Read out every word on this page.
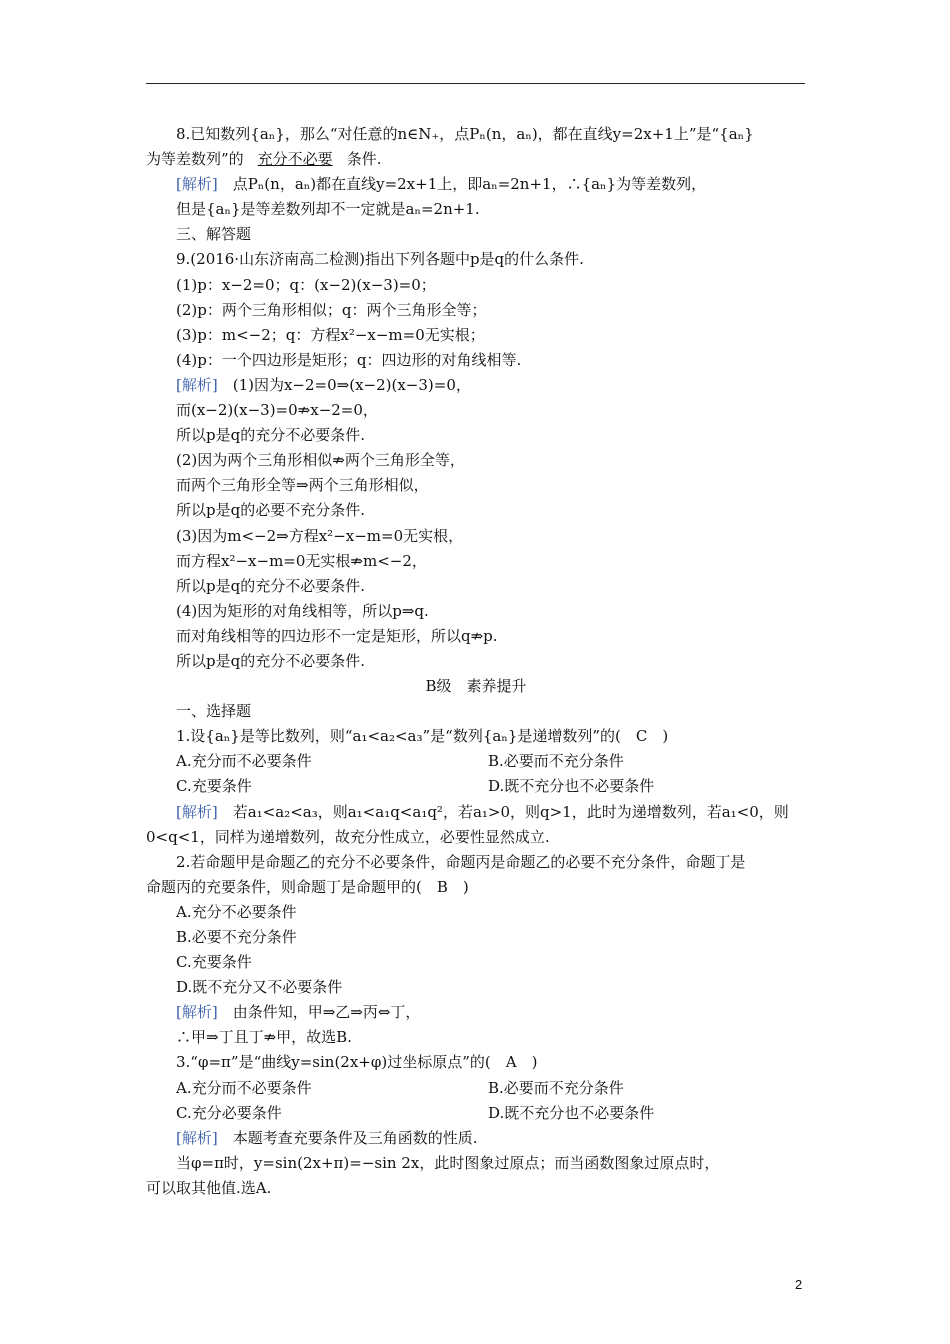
8.已知数列{aₙ}，那么“对任意的n∈N₊，点Pₙ(n，aₙ)，都在直线y=2x+1上”是“{aₙ}
为等差数列”的 充分不必要 条件.
[解析]　点Pₙ(n，aₙ)都在直线y=2x+1上，即aₙ=2n+1，∴{aₙ}为等差数列，
但是{aₙ}是等差数列却不一定就是aₙ=2n+1.
三、解答题
9.(2016·山东济南高二检测)指出下列各题中p是q的什么条件.
(1)p：x−2=0；q：(x−2)(x−3)=0；
(2)p：两个三角形相似；q：两个三角形全等；
(3)p：m<−2；q：方程x²−x−m=0无实根；
(4)p：一个四边形是矩形；q：四边形的对角线相等.
[解析]　(1)因为x−2=0⇒(x−2)(x−3)=0，
而(x−2)(x−3)=0⇏x−2=0，
所以p是q的充分不必要条件.
(2)因为两个三角形相似⇏两个三角形全等，
而两个三角形全等⇒两个三角形相似，
所以p是q的必要不充分条件.
(3)因为m<−2⇒方程x²−x−m=0无实根，
而方程x²−x−m=0无实根⇏m<−2，
所以p是q的充分不必要条件.
(4)因为矩形的对角线相等，所以p⇒q.
而对角线相等的四边形不一定是矩形，所以q⇏p.
所以p是q的充分不必要条件.
B级　素养提升
一、选择题
1.设{aₙ}是等比数列，则“a₁<a₂<a₃”是“数列{aₙ}是递增数列”的(　C　)
A.充分而不必要条件	B.必要而不充分条件
C.充要条件	D.既不充分也不必要条件
[解析]　若a₁<a₂<a₃，则a₁<a₁q<a₁q²，若a₁>0，则q>1，此时为递增数列，若a₁<0，则
0<q<1，同样为递增数列，故充分性成立，必要性显然成立.
2.若命题甲是命题乙的充分不必要条件，命题丙是命题乙的必要不充分条件，命题丁是
命题丙的充要条件，则命题丁是命题甲的(　B　)
A.充分不必要条件
B.必要不充分条件
C.充要条件
D.既不充分又不必要条件
[解析]　由条件知，甲⇒乙⇒丙⇔丁，
∴甲⇒丁且丁⇏甲，故选B.
3.“φ=π”是“曲线y=sin(2x+φ)过坐标原点”的(　A　)
A.充分而不必要条件	B.必要而不充分条件
C.充分必要条件	D.既不充分也不必要条件
[解析]　本题考查充要条件及三角函数的性质.
当φ=π时，y=sin(2x+π)=−sin 2x，此时图象过原点；而当函数图象过原点时，
可以取其他值.选A.
2
